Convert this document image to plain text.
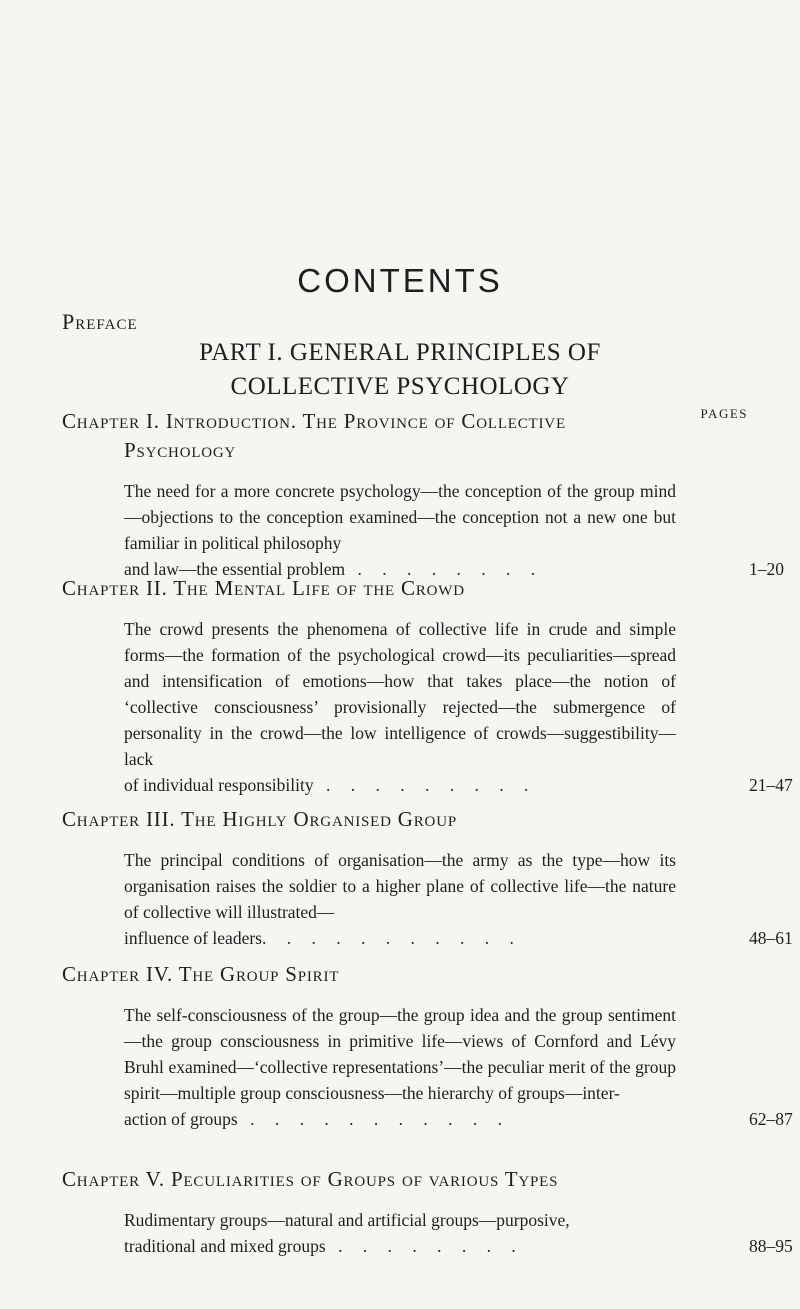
CONTENTS
Preface
PART I. GENERAL PRINCIPLES OF
COLLECTIVE PSYCHOLOGY
PAGES
Chapter I. Introduction. The Province of Collective
Psychology
The need for a more concrete psychology—the conception of the group mind—objections to the conception examined—the conception not a new one but familiar in political philosophy
and law—the essential problem . . . . . . . .	1–20
Chapter II. The Mental Life of the Crowd
The crowd presents the phenomena of collective life in crude and simple forms—the formation of the psychological crowd—its peculiarities—spread and intensification of emotions—how that takes place—the notion of ‘collective consciousness’ provisionally rejected—the submergence of personality in the crowd—the low intelligence of crowds—suggestibility—lack
of individual responsibility . . . . . . . . .	21–47
Chapter III. The Highly Organised Group
The principal conditions of organisation—the army as the type—how its organisation raises the soldier to a higher plane of collective life—the nature of collective will illustrated—
influence of leaders. . . . . . . . . . .	48–61
Chapter IV. The Group Spirit
The self-consciousness of the group—the group idea and the group sentiment—the group consciousness in primitive life—views of Cornford and Lévy Bruhl examined—‘collective representations’—the peculiar merit of the group spirit—multiple group consciousness—the hierarchy of groups—inter-
action of groups . . . . . . . . . . .	62–87
Chapter V. Peculiarities of Groups of various Types
Rudimentary groups—natural and artificial groups—purposive,
traditional and mixed groups . . . . . . . .	88–95
